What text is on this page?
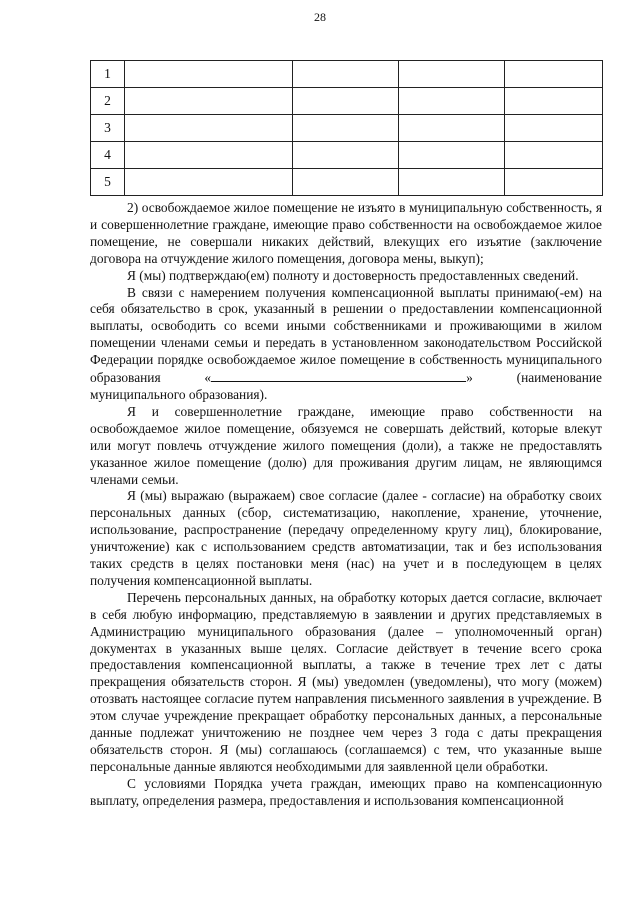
28
1				
2				
3				
4				
5				

2) освобождаемое жилое помещение не изъято в муниципальную собственность, я и совершеннолетние граждане, имеющие право собственности на освобождаемое жилое помещение, не совершали никаких действий, влекущих его изъятие (заключение договора на отчуждение жилого помещения, договора мены, выкуп);

Я (мы) подтверждаю(ем) полноту и достоверность предоставленных сведений.

В связи с намерением получения компенсационной выплаты принимаю(-ем) на себя обязательство в срок, указанный в решении о предоставлении компенсационной выплаты, освободить со всеми иными собственниками и проживающими в жилом помещении членами семьи и передать в установленном законодательством Российской Федерации порядке освобождаемое жилое помещение в собственность муниципального образования «	» (наименование муниципального образования).

Я и совершеннолетние граждане, имеющие право собственности на освобождаемое жилое помещение, обязуемся не совершать действий, которые влекут или могут повлечь отчуждение жилого помещения (доли), а также не предоставлять указанное жилое помещение (долю) для проживания другим лицам, не являющимся членами семьи.

Я (мы) выражаю (выражаем) свое согласие (далее - согласие) на обработку своих персональных данных (сбор, систематизацию, накопление, хранение, уточнение, использование, распространение (передачу определенному кругу лиц), блокирование, уничтожение) как с использованием средств автоматизации, так и без использования таких средств в целях постановки меня (нас) на учет и в последующем в целях получения компенсационной выплаты.

Перечень персональных данных, на обработку которых дается согласие, включает в себя любую информацию, представляемую в заявлении и других представляемых в Администрацию муниципального образования (далее – уполномоченный орган) документах в указанных выше целях. Согласие действует в течение всего срока предоставления компенсационной выплаты, а также в течение трех лет с даты прекращения обязательств сторон. Я (мы) уведомлен (уведомлены), что могу (можем) отозвать настоящее согласие путем направления письменного заявления в учреждение. В этом случае учреждение прекращает обработку персональных данных, а персональные данные подлежат уничтожению не позднее чем через 3 года с даты прекращения обязательств сторон. Я (мы) соглашаюсь (соглашаемся) с тем, что указанные выше персональные данные являются необходимыми для заявленной цели обработки.

С условиями Порядка учета граждан, имеющих право на компенсационную выплату, определения размера, предоставления и использования компенсационной
